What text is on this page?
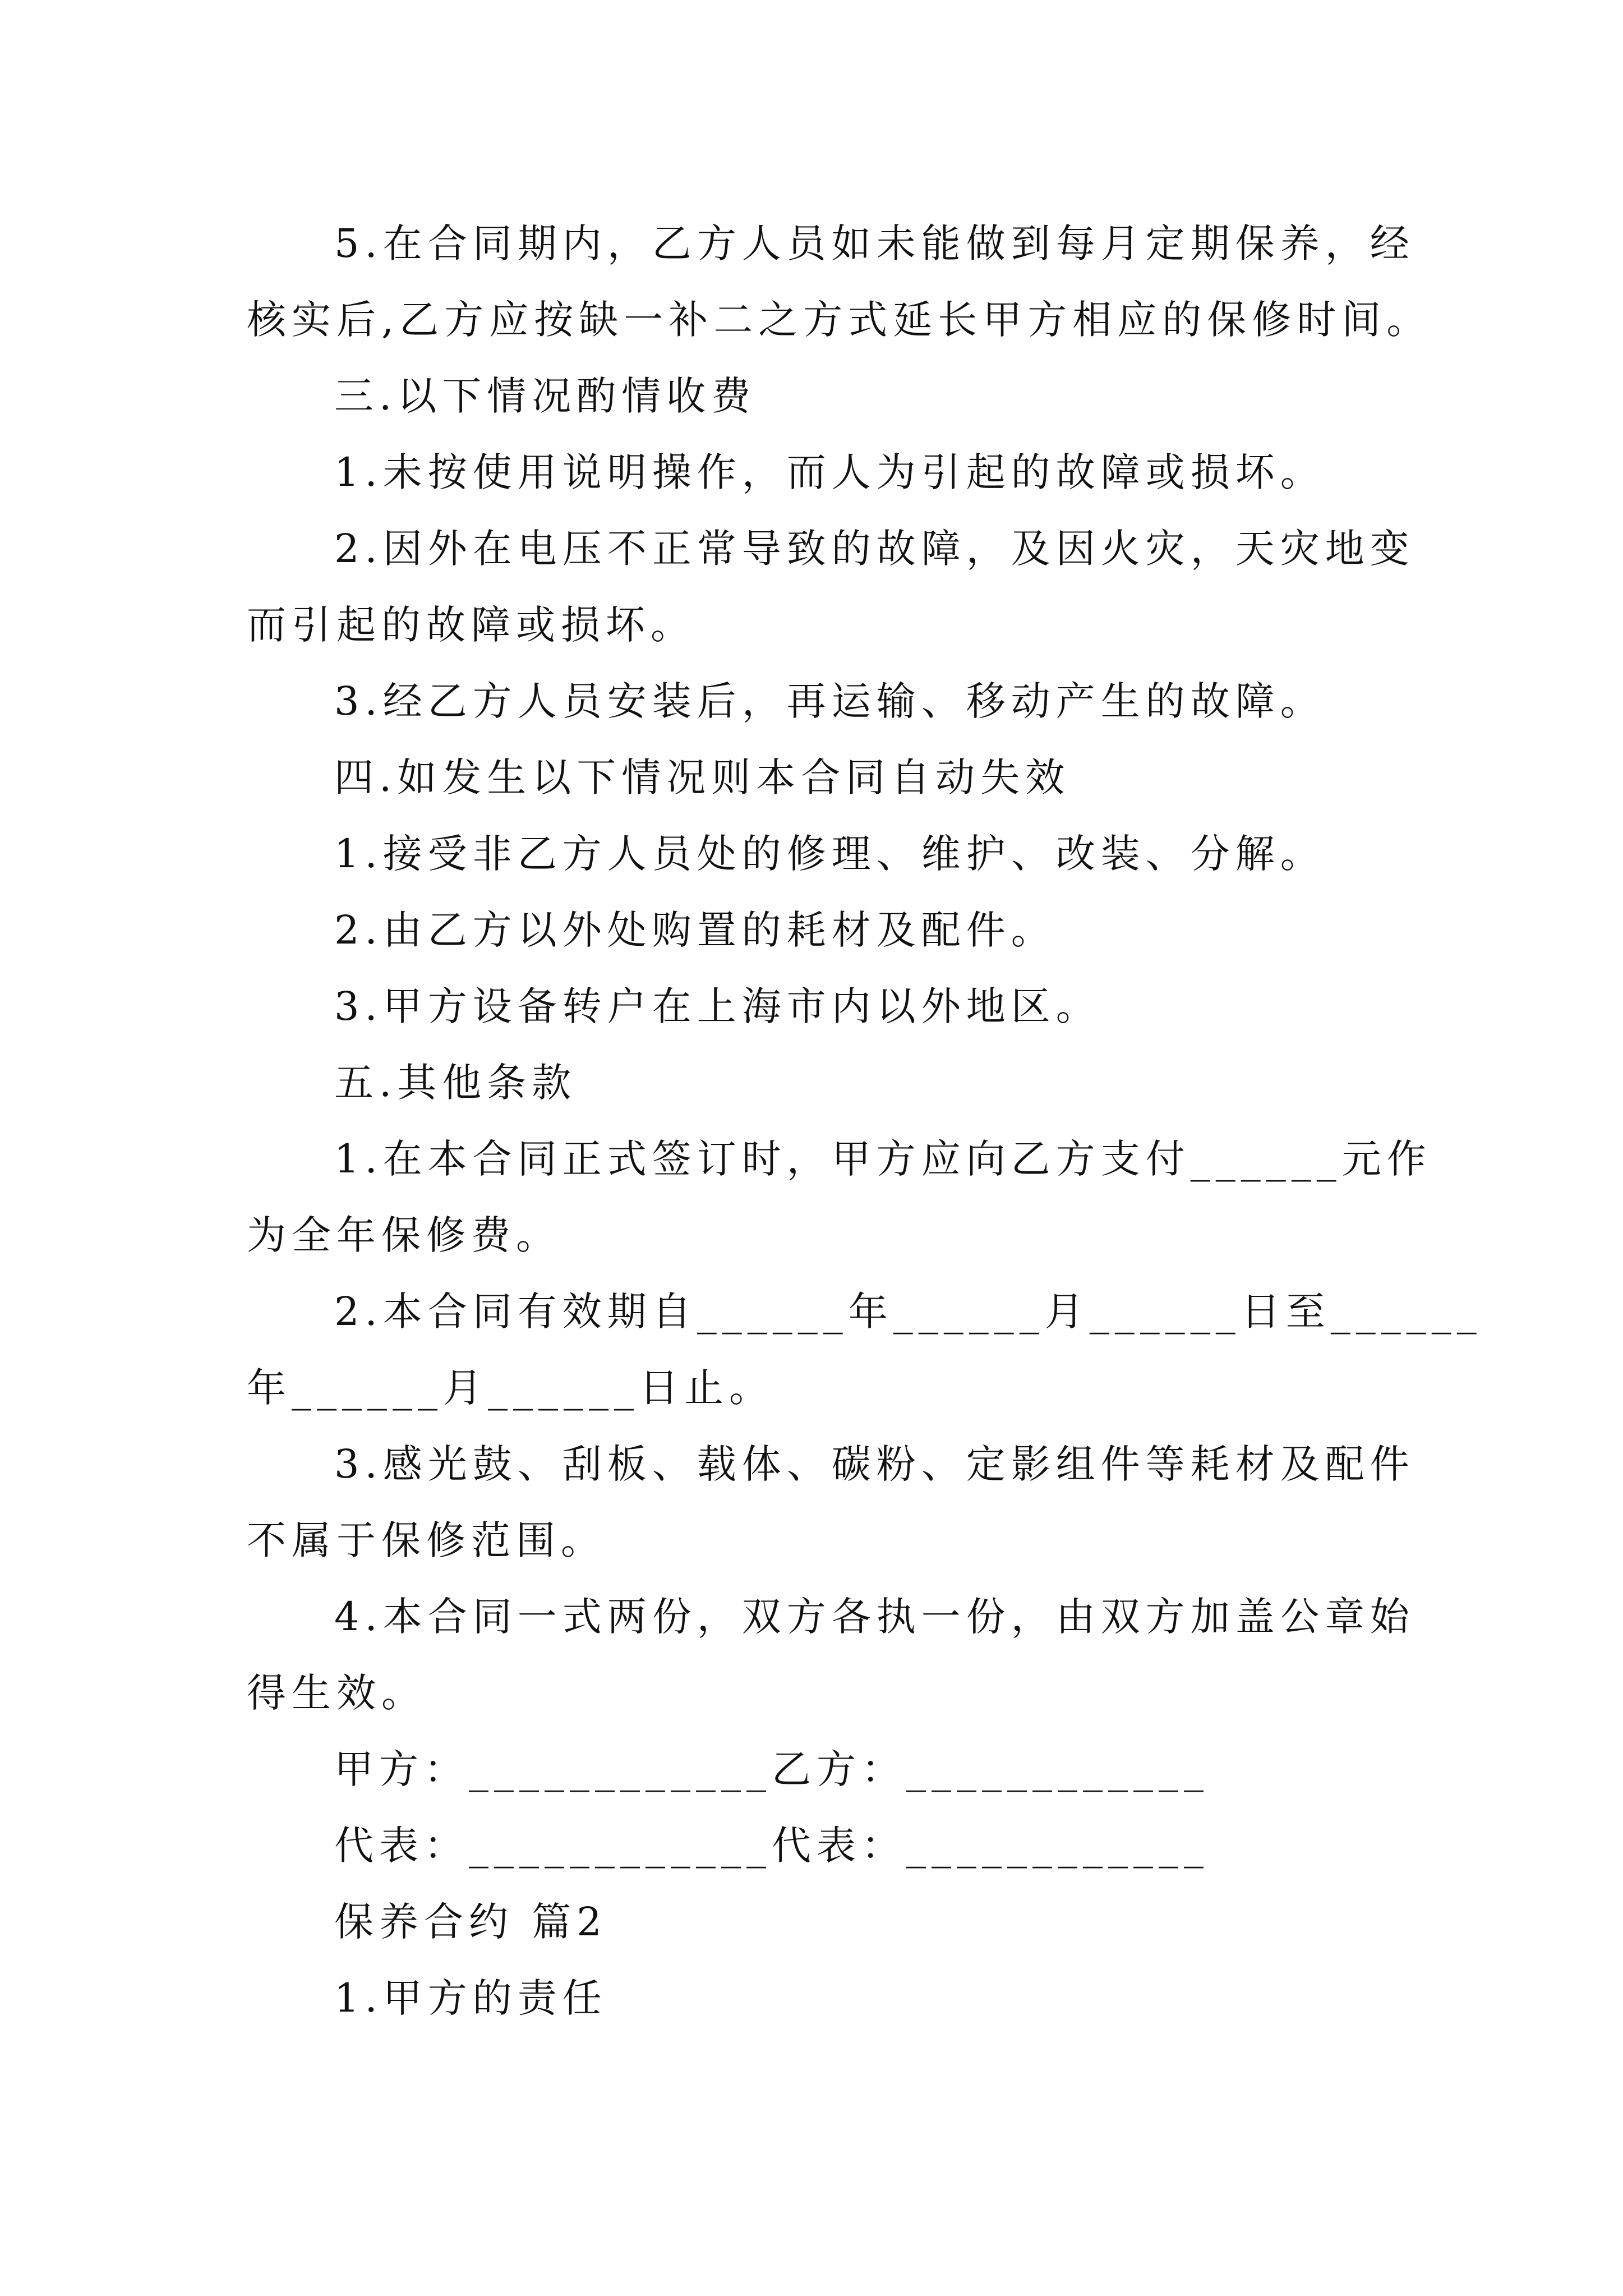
5.在合同期内，乙方人员如未能做到每月定期保养，经
核实后,乙方应按缺一补二之方式延长甲方相应的保修时间。
三.以下情况酌情收费
1.未按使用说明操作，而人为引起的故障或损坏。
2.因外在电压不正常导致的故障，及因火灾，天灾地变
而引起的故障或损坏。
3.经乙方人员安装后，再运输、移动产生的故障。
四.如发生以下情况则本合同自动失效
1.接受非乙方人员处的修理、维护、改装、分解。
2.由乙方以外处购置的耗材及配件。
3.甲方设备转户在上海市内以外地区。
五.其他条款
1.在本合同正式签订时，甲方应向乙方支付______元作
为全年保修费。
2.本合同有效期自______年______月______日至______
年______月______日止。
3.感光鼓、刮板、载体、碳粉、定影组件等耗材及配件
不属于保修范围。
4.本合同一式两份，双方各执一份，由双方加盖公章始
得生效。
甲方：____________乙方：____________
代表：____________代表：____________
保养合约 篇2
1.甲方的责任
